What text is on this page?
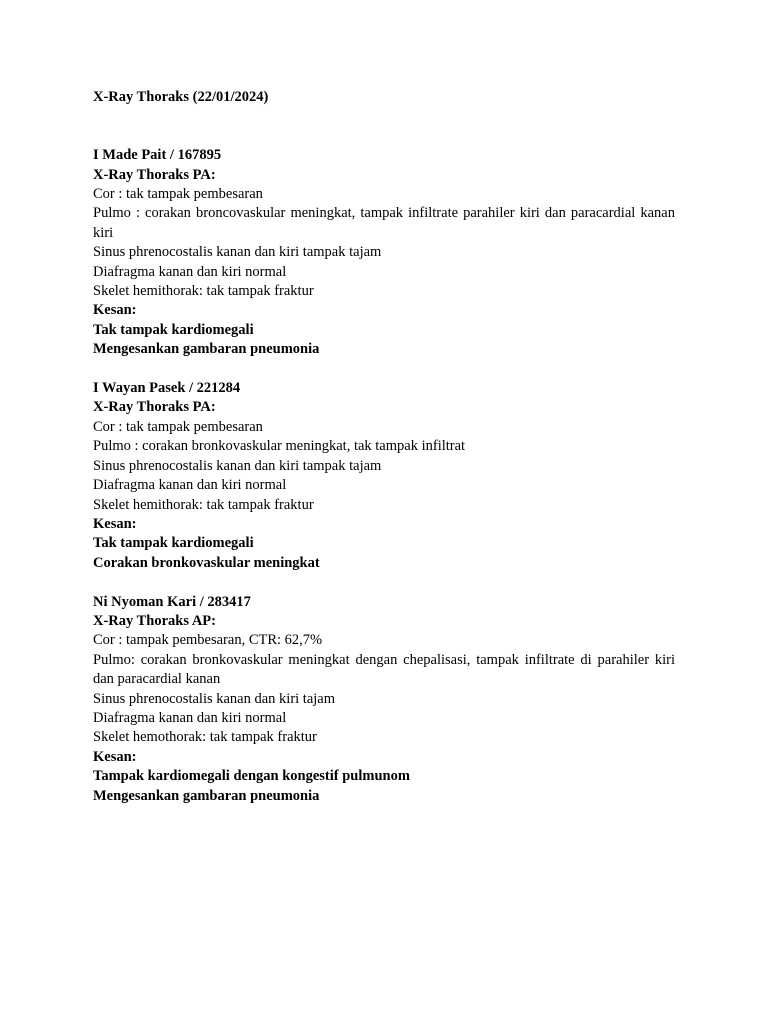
X-Ray Thoraks (22/01/2024)

I Made Pait / 167895

X-Ray Thoraks PA:

Cor : tak tampak pembesaran

Pulmo : corakan broncovaskular meningkat, tampak infiltrate parahiler kiri dan paracardial kanan kiri

Sinus phrenocostalis kanan dan kiri tampak tajam

Diafragma kanan dan kiri normal

Skelet hemithorak: tak tampak fraktur

Kesan:

Tak tampak kardiomegali

Mengesankan gambaran pneumonia

I Wayan Pasek / 221284

X-Ray Thoraks PA:

Cor : tak tampak pembesaran

Pulmo : corakan bronkovaskular meningkat, tak tampak infiltrat

Sinus phrenocostalis kanan dan kiri tampak tajam

Diafragma kanan dan kiri normal

Skelet hemithorak: tak tampak fraktur

Kesan:

Tak tampak kardiomegali

Corakan bronkovaskular meningkat

Ni Nyoman Kari / 283417

X-Ray Thoraks AP:

Cor : tampak pembesaran, CTR: 62,7%

Pulmo: corakan bronkovaskular meningkat dengan chepalisasi, tampak infiltrate di parahiler kiri dan paracardial kanan

Sinus phrenocostalis kanan dan kiri tajam

Diafragma kanan dan kiri normal

Skelet hemothorak: tak tampak fraktur

Kesan:

Tampak kardiomegali dengan kongestif pulmunom

Mengesankan gambaran pneumonia
